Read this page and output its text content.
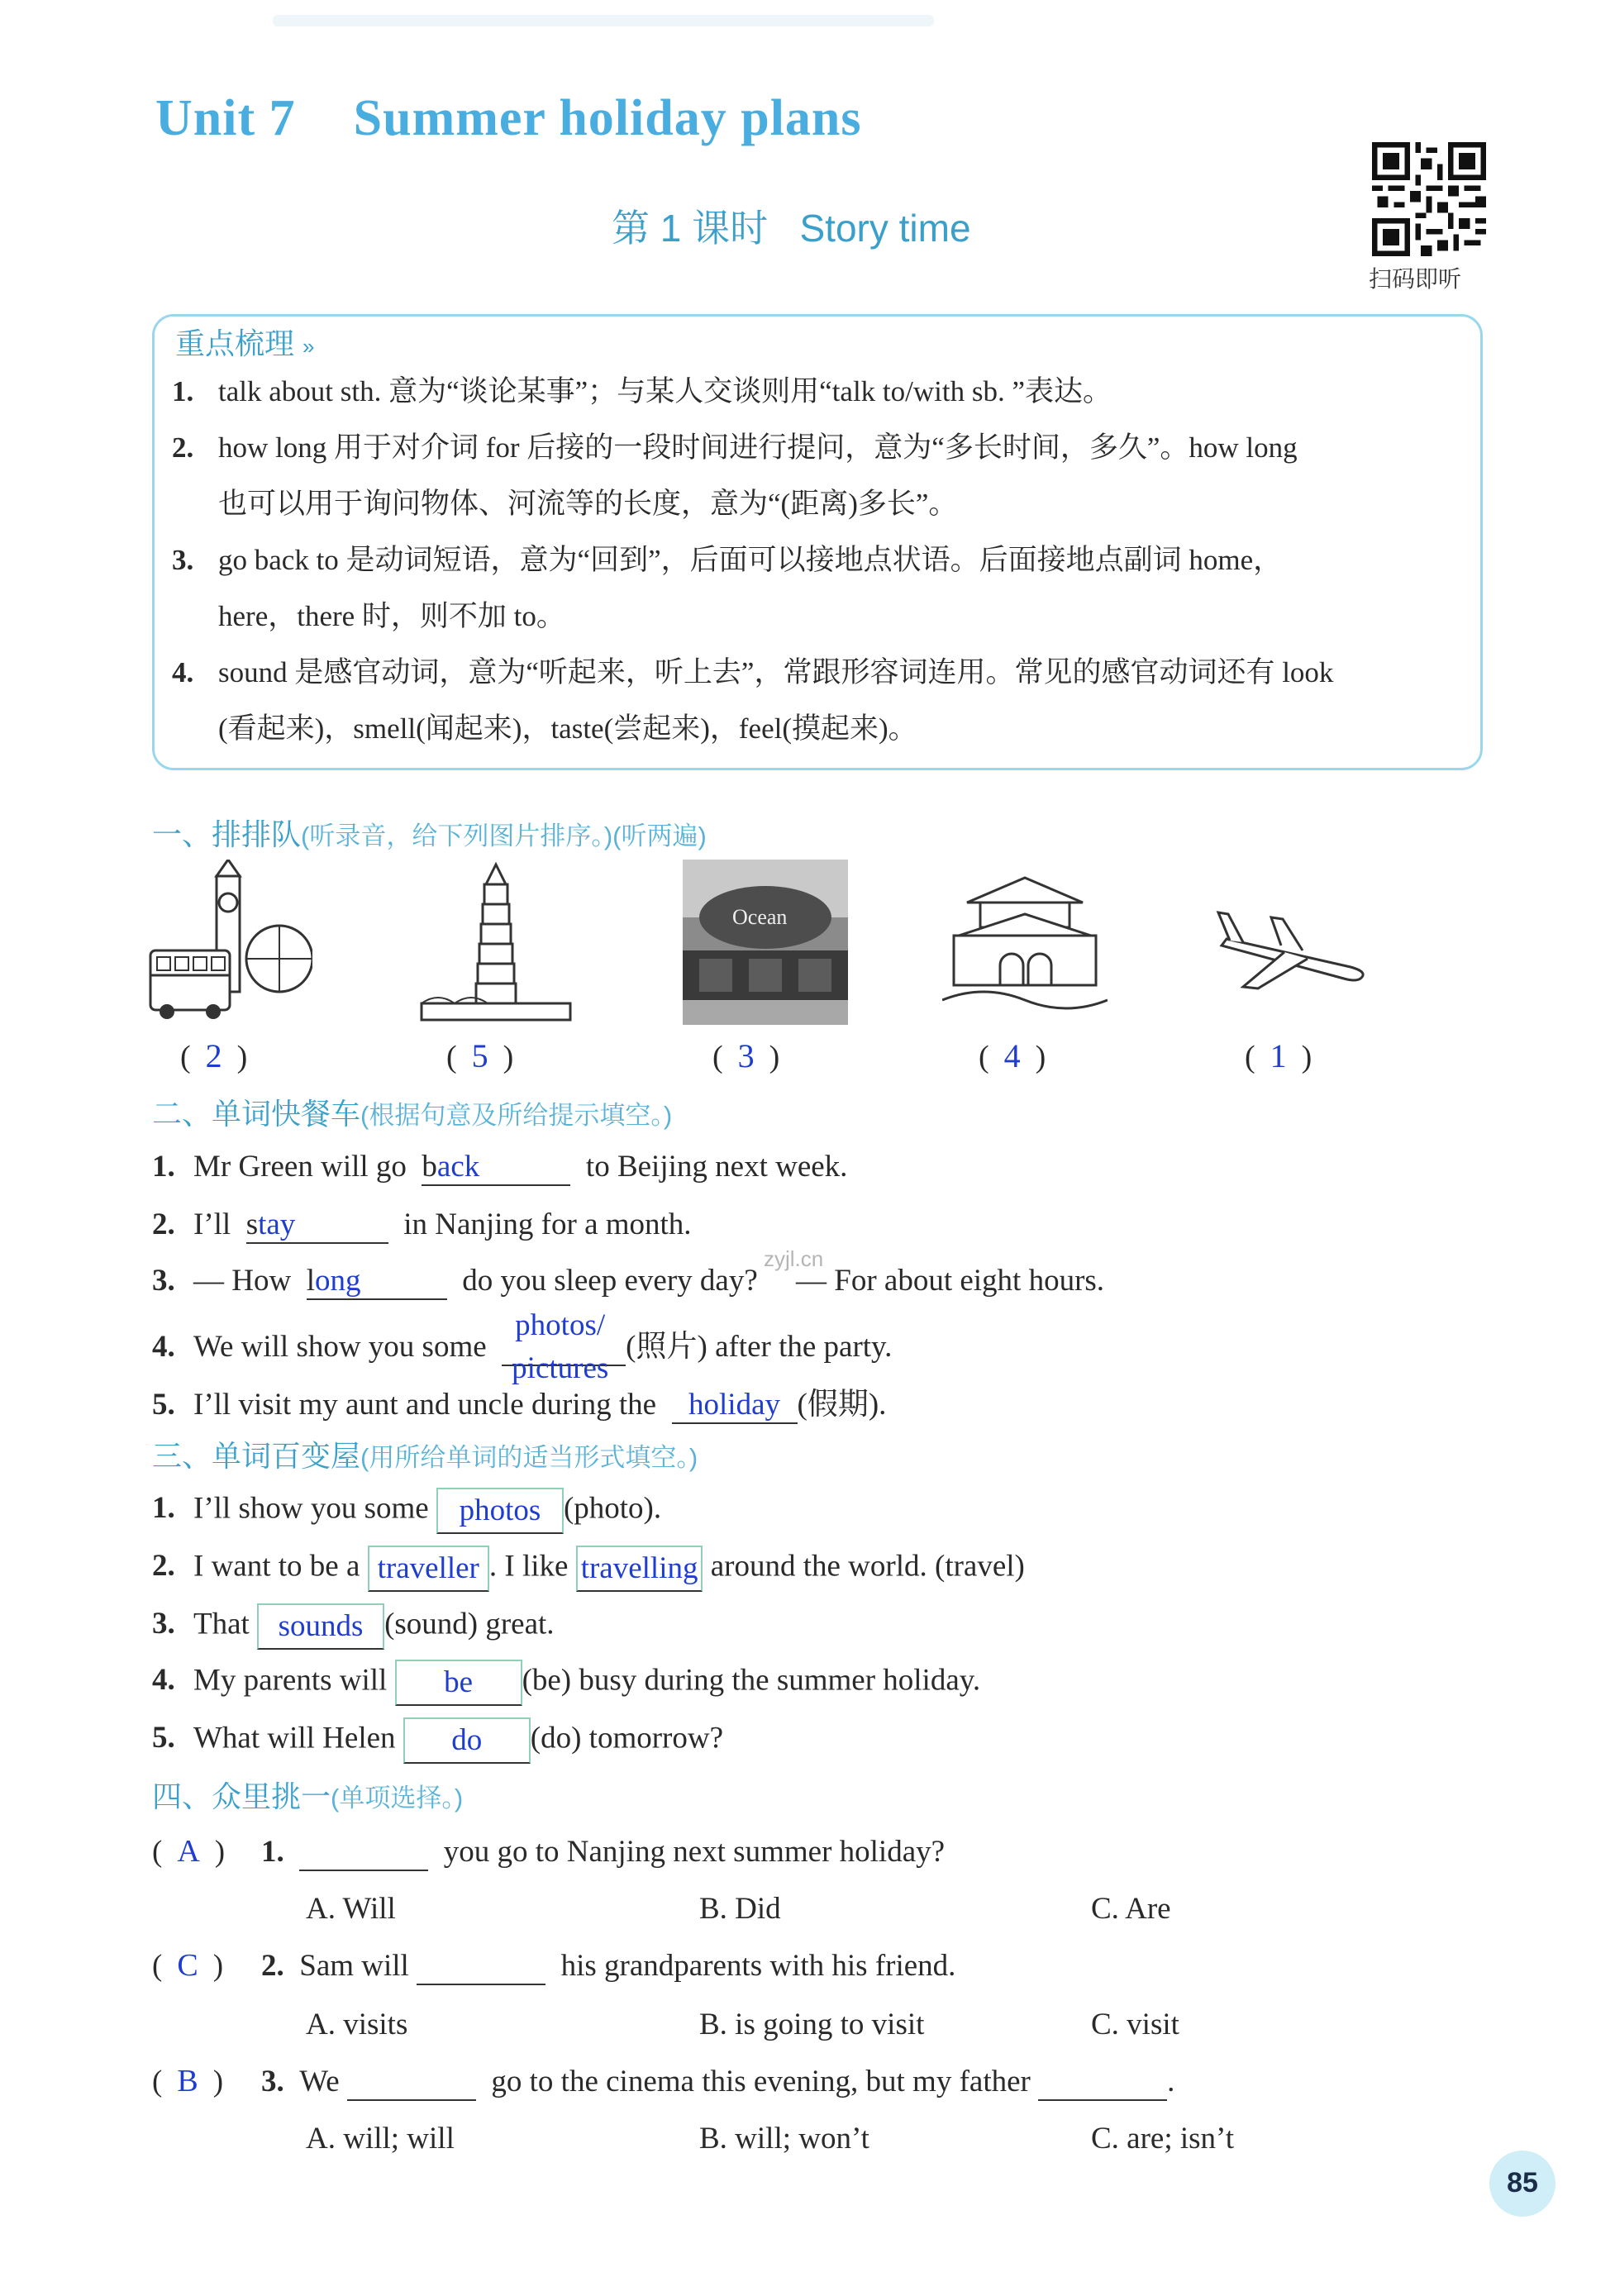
Unit 7 Summer holiday plans
第 1 课时 Story time
扫码即听
重点梳理 »
1. talk about sth. 意为“谈论某事”；与某人交谈则用“talk to/with sb. ”表达。
2. how long 用于对介词 for 后接的一段时间进行提问，意为“多长时间，多久”。how long
也可以用于询问物体、河流等的长度，意为“(距离)多长”。
3. go back to 是动词短语，意为“回到”，后面可以接地点状语。后面接地点副词 home，
here，there 时，则不加 to。
4. sound 是感官动词，意为“听起来，听上去”，常跟形容词连用。常见的感官动词还有 look
(看起来)，smell(闻起来)，taste(尝起来)，feel(摸起来)。
一、排排队(听录音，给下列图片排序。)(听两遍)
Ocean
( 2 )	( 5 )	( 3 )	( 4 )	( 1 )
二、单词快餐车(根据句意及所给提示填空。)
1. Mr Green will go back	to Beijing next week.
2. I’ll stay	in Nanjing for a month.
3. — How long	do you sleep every day? — For about eight hours.
4. We will show you some
photos/
pictures
(照片) after the party.
5. I’ll visit my aunt and uncle during the holiday (假期).
zyjl.cn
三、单词百变屋(用所给单词的适当形式填空。)
1. I’ll show you some photos (photo).
2. I want to be a traveller . I like travelling around the world. (travel)
3. That sounds (sound) great.
4. My parents will be (be) busy during the summer holiday.
5. What will Helen do (do) tomorrow?
四、众里挑一(单项选择。)
( A ) 1.	you go to Nanjing next summer holiday?
A. Will	B. Did	C. Are
( C ) 2. Sam will	his grandparents with his friend.
A. visits	B. is going to visit	C. visit
( B ) 3. We	go to the cinema this evening, but my father	.
A. will; will	B. will; won’t	C. are; isn’t
85
